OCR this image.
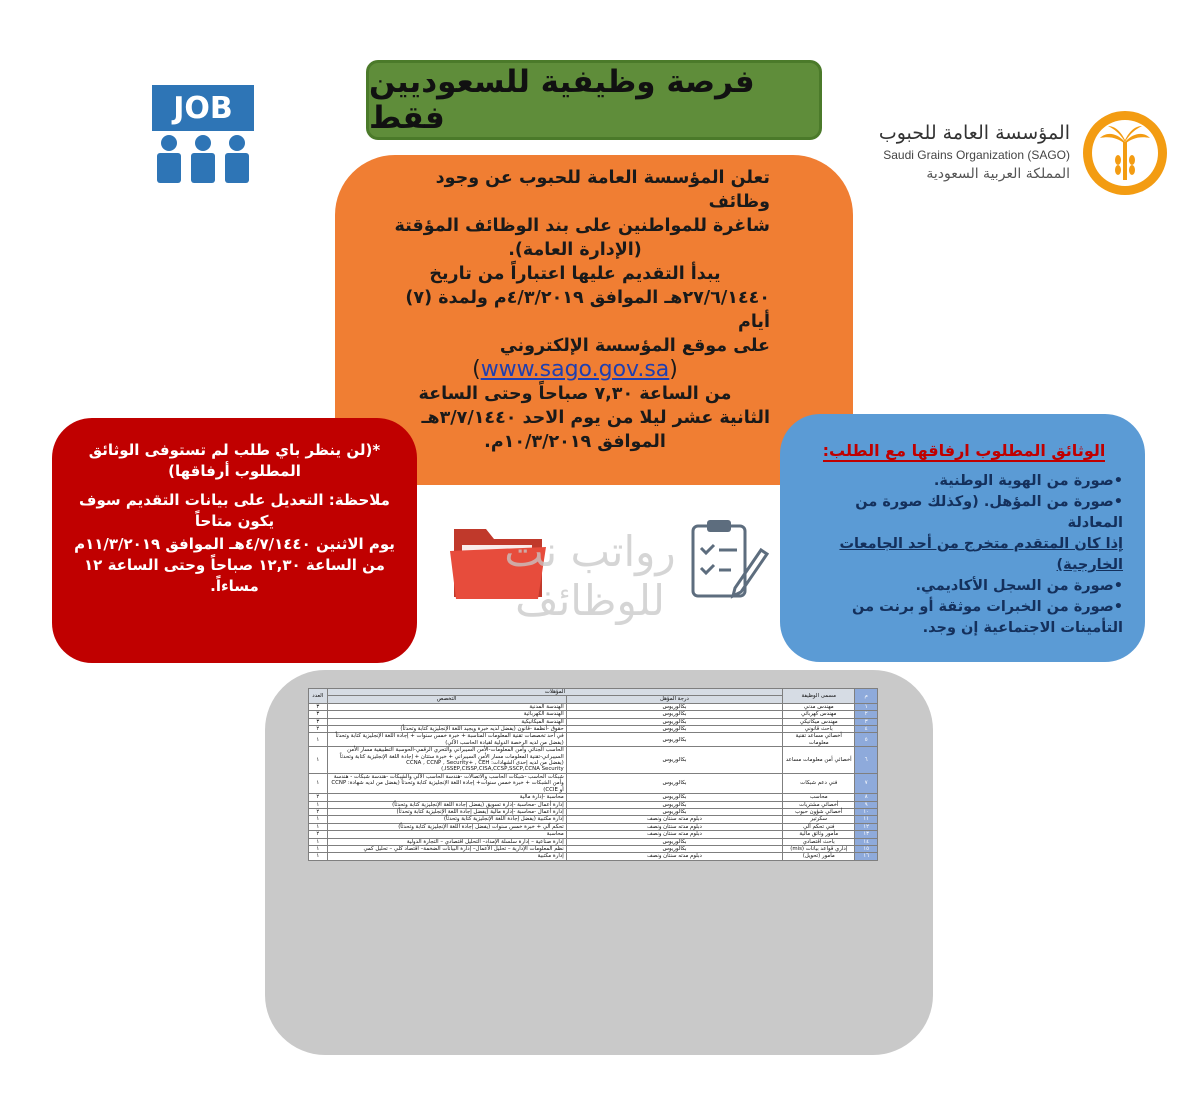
فرصة وظيفية للسعوديين فقط
JOB
المؤسسة العامة للحبوب
Saudi Grains Organization (SAGO)
المملكة العربية السعودية

تعلن المؤسسة العامة للحبوب عن وجود وظائف

شاغرة للمواطنين على بند الوظائف المؤقتة

(الإدارة العامة).

يبدأ التقديم عليها اعتباراً من تاريخ

٢٧/٦/١٤٤٠هـ الموافق ٤/٣/٢٠١٩م ولمدة (٧) أيام

على موقع المؤسسة الإلكتروني

(www.sago.gov.sa)

من الساعة ٧,٣٠ صباحاً وحتى الساعة

الثانية عشر ليلا من يوم الاحد ٣/٧/١٤٤٠هـ

الموافق ١٠/٣/٢٠١٩م.

*(لن ينظر باي طلب لم تستوفى الوثائق المطلوب أرفاقها)

ملاحظة: التعديل على بيانات التقديم سوف يكون متاحاً

يوم الاثنين ٤/٧/١٤٤٠هـ الموافق ١١/٣/٢٠١٩م من الساعة ١٢,٣٠ صباحاً وحتى الساعة ١٢ مساءاً.

الوثائق المطلوب ارفاقها مع الطلب:

•صورة من الهوية الوطنية.

•صورة من المؤهل. (وكذلك صورة من المعادلة

إذا كان المتقدم متخرج من أحد الجامعات الخارجية)

•صورة من السجل الأكاديمي.

•صورة من الخبرات موثقة أو برنت من التأمينات الاجتماعية إن وجد.

رواتب نت للوظائف
م	مسمى الوظيفة	المؤهلات		العدد
		درجة المؤهل	التخصص	
١	مهندس مدني	بكالوريوس	الهندسة المدنية	٣
٢	مهندس كهربائي	بكالوريوس	الهندسة الكهربائية	٣
٣	مهندس ميكانيكي	بكالوريوس	الهندسة الميكانيكية	٣
٤	باحث قانوني	بكالوريوس	حقوق -أنظمة -قانون (يفضل لديه خبرة ويجيد اللغة الإنجليزية كتابة وتحدثاً)	٢
٥	أخصائي مساعد تقنية معلومات	بكالوريوس	في أحد تخصصات تقنية المعلومات المناسبة + خبرة خمس سنوات + إجادة اللغة الإنجليزية كتابة وتحدثاً (يفضل من لديه الرخصة الدولية لقيادة الحاسب الآلي)	١
٦	أخصائي أمن معلومات مساعد	بكالوريوس	الحاسب الجنائي وأمن المعلومات-الأمن السيبراني والتحري الرقمي-الحوسبة التطبيقية مسار الأمن السيبراني-تقنية المعلومات مسار الأمن السيبراني + خبرة ستتان + إجادة اللغة الإنجليزية كتابة وتحدثاً (يفضل من لديه إحدى الشهادات: CCNA , CCNP , Security+ , CEH ,ISSEP,CISSP,CISA,CCSP,SSCP,CCNA Security)	١
٧	فني دعم شبكات	بكالوريوس	شبكات الحاسب -شبكات الحاسب والاتصالات -هندسة الحاسب الآلي والشبكات -هندسة شبكات - هندسة وأمن الشبكات + خبرة خمس سنوات+ إجادة اللغة الإنجليزية كتابة وتحدثاً (يفضل من لديه شهادة: CCNP أو CCIE)	١
٨	محاسب	بكالوريوس	محاسبة -إدارة مالية	٢
٩	أخصائي مشتريات	بكالوريوس	إدارة أعمال -محاسبة -إدارة تسويق (يفضل إجادة اللغة الإنجليزية كتابة وتحدثاً)	١
١٠	أخصائي شؤون حبوب	بكالوريوس	إدارة أعمال -محاسبة -إدارة مالية (يفضل إجادة اللغة الإنجليزية كتابة وتحدثاً)	٢
١١	سكرتير	دبلوم مدته سنتان ونصف	إدارة مكتبية (يفضل إجادة اللغة الإنجليزية كتابة وتحدثاً)	١
١٢	فني تحكم آلي	دبلوم مدته سنتان ونصف	تحكم آلي + خبرة خمس سنوات (يفضل إجادة اللغة الإنجليزية كتابة وتحدثاً)	١
١٣	مأمور وثائق مالية	دبلوم مدته سنتان ونصف	محاسبة	٢
١٤	باحث اقتصادي	بكالوريوس	إدارة صناعية – إدارة سلسلة الإمداد– التحليل اقتصادي – التجارة الدولية	١
١٥	إداري قواعد بيانات (mis)	بكالوريوس	نظم المعلومات الإدارية – تحليل الأعمال– إدارة البيانات الضخمة– اقتصاد كلي – تحليل كمي	١
١٦	مأمور (تحويل)	دبلوم مدته سنتان ونصف	إدارة مكتبية	١
